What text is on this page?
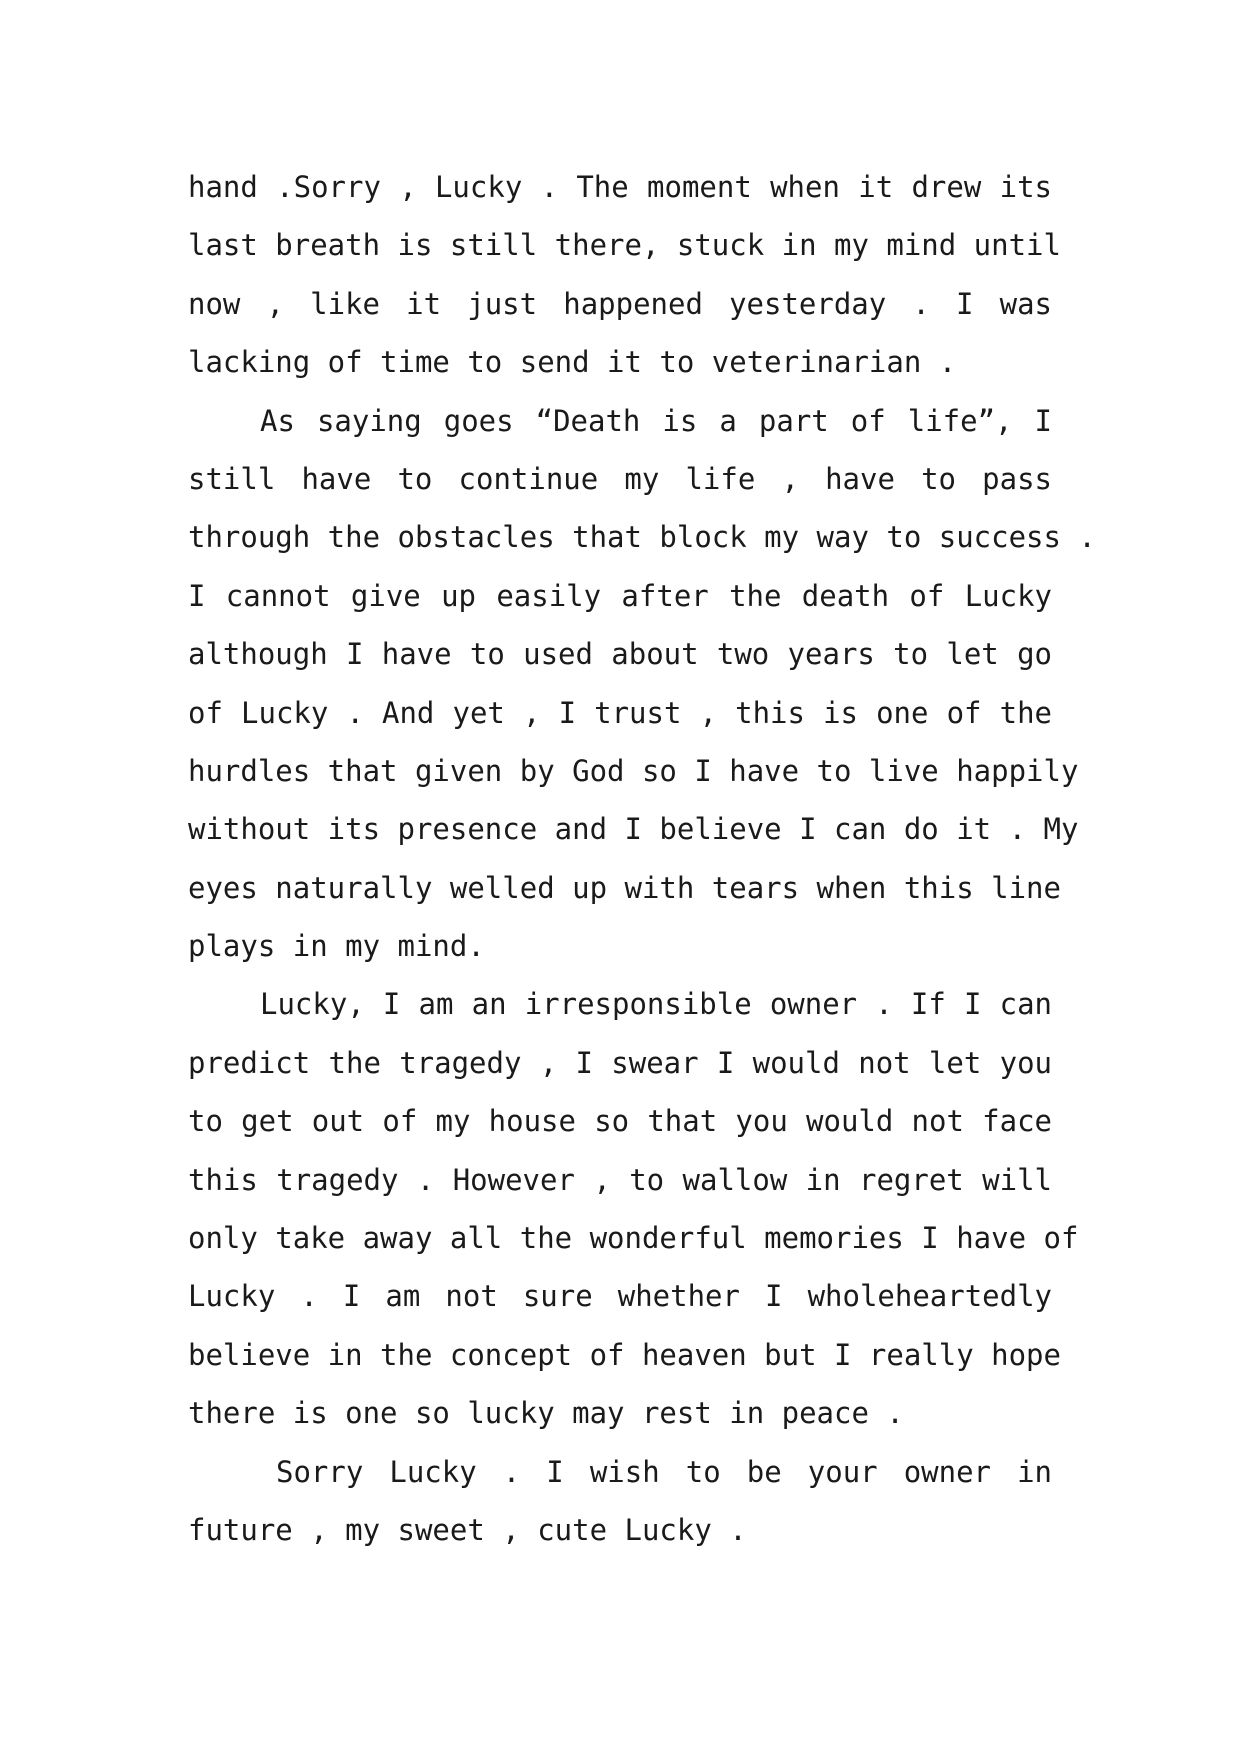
hand .Sorry , Lucky . The moment when it drew its
last breath is still there, stuck in my mind until
now , like it just happened yesterday . I was
lacking of time to send it to veterinarian .
As saying goes “Death is a part of life”, I
still have to continue my life , have to pass
through the obstacles that block my way to success .
I cannot give up easily after the death of Lucky
although I have to used about two years to let go
of Lucky . And yet , I trust , this is one of the
hurdles that given by God so I have to live happily
without its presence and I believe I can do it . My
eyes naturally welled up with tears when this line
plays in my mind.
Lucky, I am an irresponsible owner . If I can
predict the tragedy , I swear I would not let you
to get out of my house so that you would not face
this tragedy . However , to wallow in regret will
only take away all the wonderful memories I have of
Lucky . I am not sure whether I wholeheartedly
believe in the concept of heaven but I really hope
there is one so lucky may rest in peace .
Sorry Lucky . I wish to be your owner in
future , my sweet , cute Lucky .
